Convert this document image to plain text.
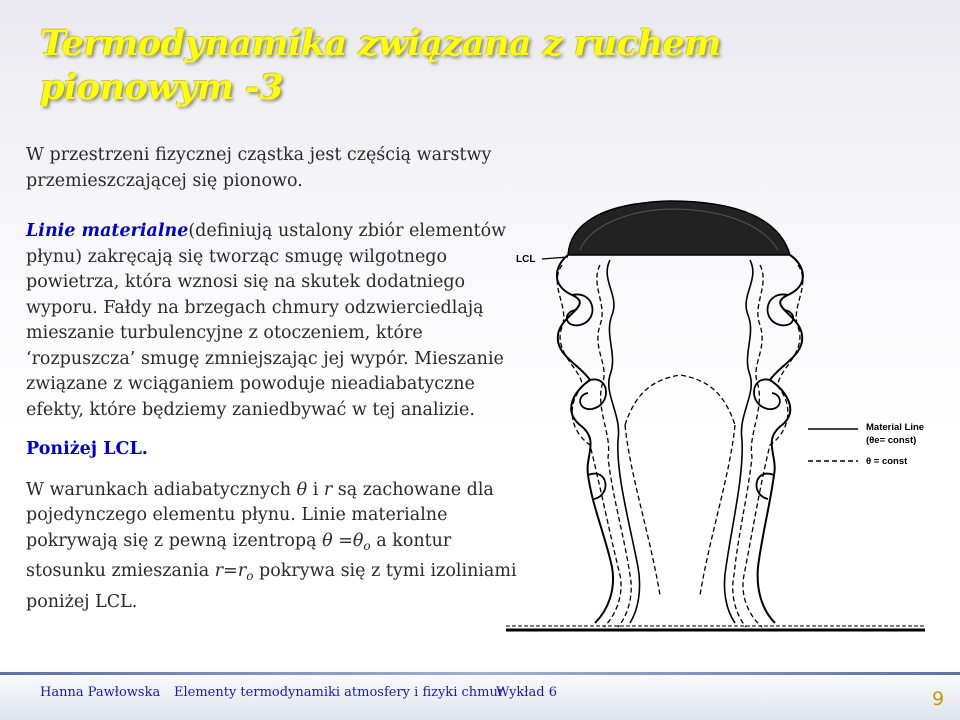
Termodynamika związana z ruchem pionowym -3

W przestrzeni fizycznej cząstka jest częścią warstwy przemieszczającej się pionowo.

Linie materialne(definiują ustalony zbiór elementów płynu) zakręcają się tworząc smugę wilgotnego powietrza, która wznosi się na skutek dodatniego wyporu. Fałdy na brzegach chmury odzwierciedlają mieszanie turbulencyjne z otoczeniem, które ‘rozpuszcza’ smugę zmniejszając jej wypór. Mieszanie związane z wciąganiem powoduje nieadiabatyczne efekty, które będziemy zaniedbywać w tej analizie.

Poniżej LCL.

W warunkach adiabatycznych θ i r są zachowane dla pojedynczego elementu płynu. Linie materialne pokrywają się z pewną izentropą $\theta =\theta_o$ a kontur stosunku zmieszania $r=r_o$ pokrywa się z tymi izoliniami poniżej LCL.

LCL
Material Line
(θe= const)
θ = const
Hanna Pawłowska Elementy termodynamiki atmosfery i fizyki chmur
Wykład 6	9
